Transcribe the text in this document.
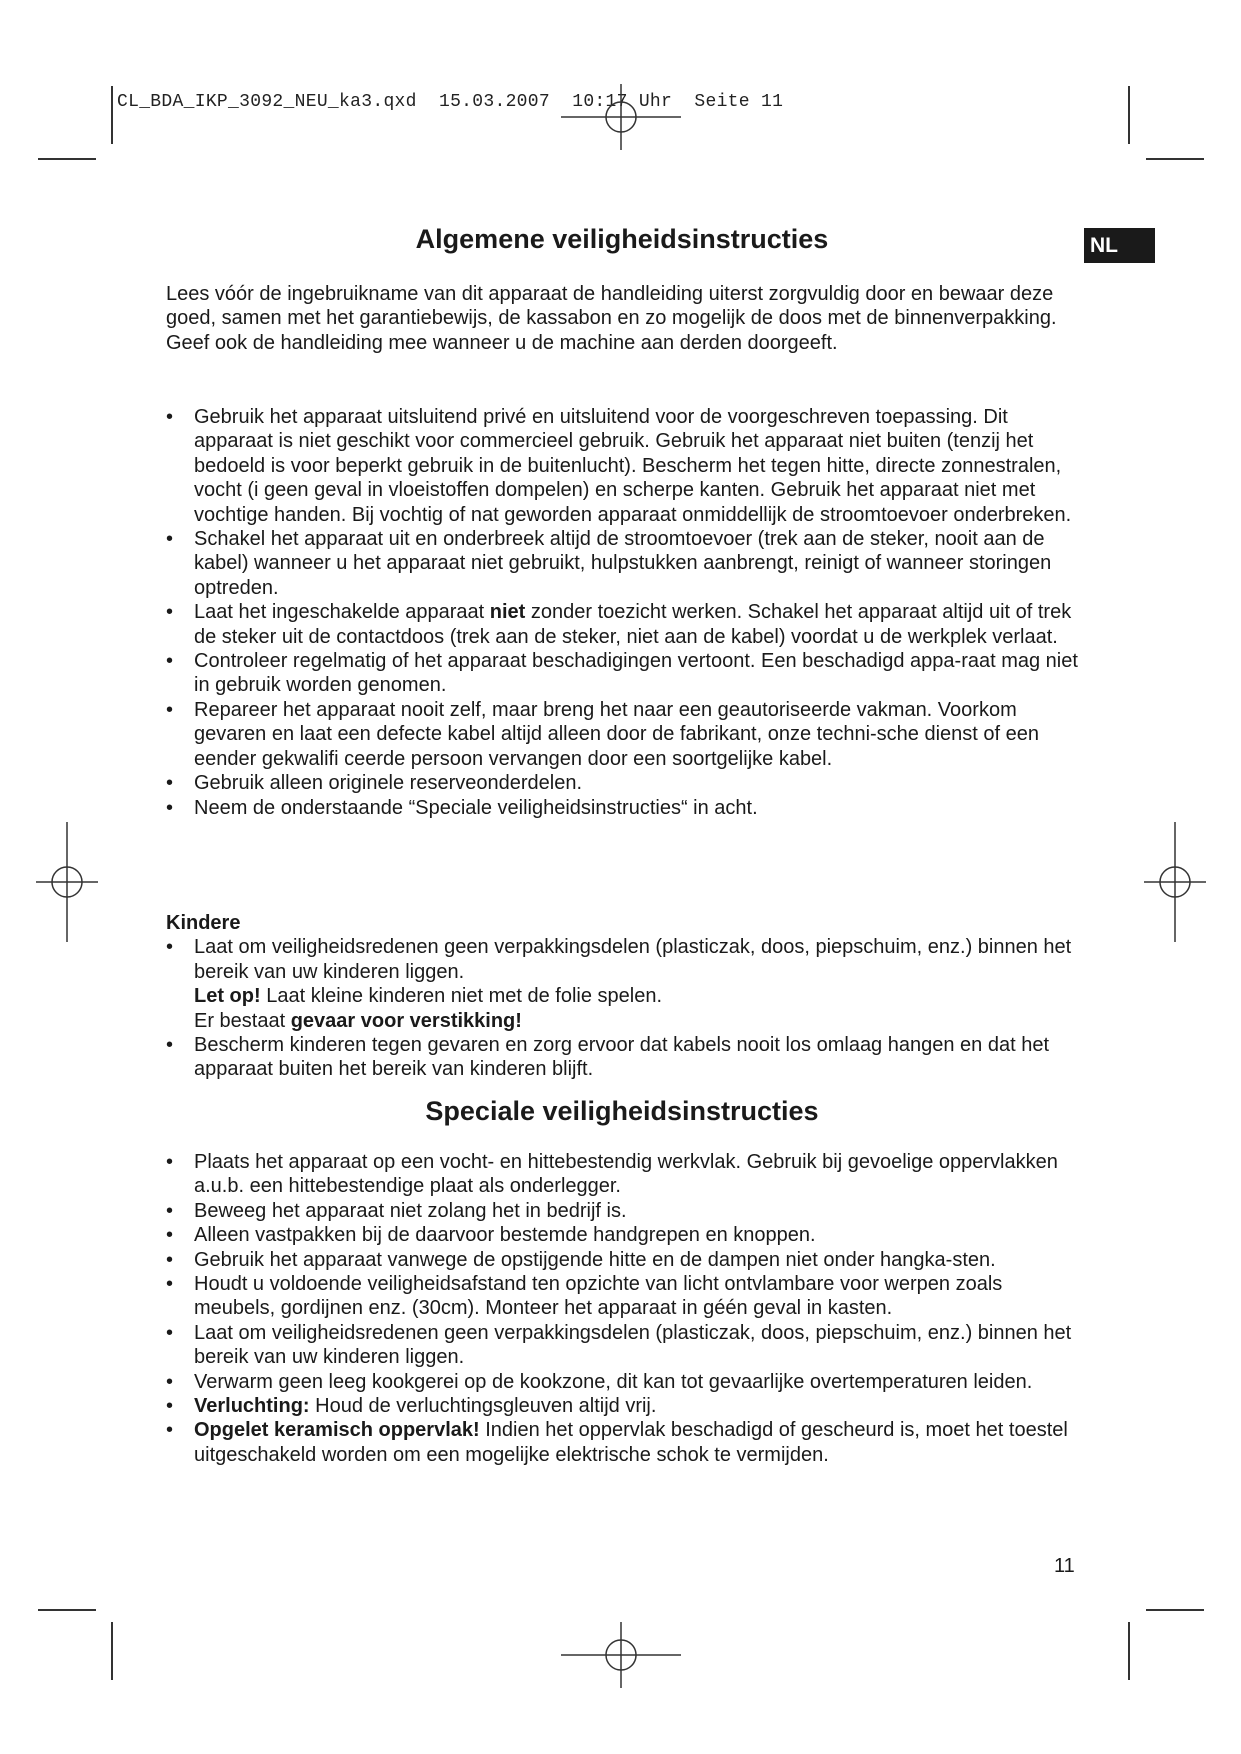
CL_BDA_IKP_3092_NEU_ka3.qxd 15.03.2007 10:17 Uhr Seite 11
NL
Algemene veiligheidsinstructies

Lees vóór de ingebruikname van dit apparaat de handleiding uiterst zorgvuldig door en bewaar deze goed, samen met het garantiebewijs, de kassabon en zo mogelijk de doos met de binnenverpakking. Geef ook de handleiding mee wanneer u de machine aan derden doorgeeft.

• Gebruik het apparaat uitsluitend privé en uitsluitend voor de voorgeschreven toepassing. Dit apparaat is niet geschikt voor commercieel gebruik. Gebruik het apparaat niet buiten (tenzij het bedoeld is voor beperkt gebruik in de buitenlucht). Bescherm het tegen hitte, directe zonnestralen, vocht (i geen geval in vloeistoffen dompelen) en scherpe kanten. Gebruik het apparaat niet met vochtige handen. Bij vochtig of nat geworden apparaat onmiddellijk de stroomtoevoer onderbreken.
• Schakel het apparaat uit en onderbreek altijd de stroomtoevoer (trek aan de steker, nooit aan de kabel) wanneer u het apparaat niet gebruikt, hulpstukken aanbrengt, reinigt of wanneer storingen optreden.
• Laat het ingeschakelde apparaat niet zonder toezicht werken. Schakel het apparaat altijd uit of trek de steker uit de contactdoos (trek aan de steker, niet aan de kabel) voordat u de werkplek verlaat.
• Controleer regelmatig of het apparaat beschadigingen vertoont. Een beschadigd appa-raat mag niet in gebruik worden genomen.
• Repareer het apparaat nooit zelf, maar breng het naar een geautoriseerde vakman. Voorkom gevaren en laat een defecte kabel altijd alleen door de fabrikant, onze techni-sche dienst of een eender gekwalifi ceerde persoon vervangen door een soortgelijke kabel.
• Gebruik alleen originele reserveonderdelen.
• Neem de onderstaande “Speciale veiligheidsinstructies“ in acht.

Kindere

• Laat om veiligheidsredenen geen verpakkingsdelen (plasticzak, doos, piepschuim, enz.) binnen het bereik van uw kinderen liggen.
Let op! Laat kleine kinderen niet met de folie spelen.
Er bestaat gevaar voor verstikking!
• Bescherm kinderen tegen gevaren en zorg ervoor dat kabels nooit los omlaag hangen en dat het apparaat buiten het bereik van kinderen blijft.
Speciale veiligheidsinstructies
• Plaats het apparaat op een vocht- en hittebestendig werkvlak. Gebruik bij gevoelige oppervlakken a.u.b. een hittebestendige plaat als onderlegger.
• Beweeg het apparaat niet zolang het in bedrijf is.
• Alleen vastpakken bij de daarvoor bestemde handgrepen en knoppen.
• Gebruik het apparaat vanwege de opstijgende hitte en de dampen niet onder hangka-sten.
• Houdt u voldoende veiligheidsafstand ten opzichte van licht ontvlambare voor werpen zoals meubels, gordijnen enz. (30cm). Monteer het apparaat in géén geval in kasten.
• Laat om veiligheidsredenen geen verpakkingsdelen (plasticzak, doos, piepschuim, enz.) binnen het bereik van uw kinderen liggen.
• Verwarm geen leeg kookgerei op de kookzone, dit kan tot gevaarlijke overtemperaturen leiden.
• Verluchting: Houd de verluchtingsgleuven altijd vrij.
• Opgelet keramisch oppervlak! Indien het oppervlak beschadigd of gescheurd is, moet het toestel uitgeschakeld worden om een mogelijke elektrische schok te vermijden.
11
